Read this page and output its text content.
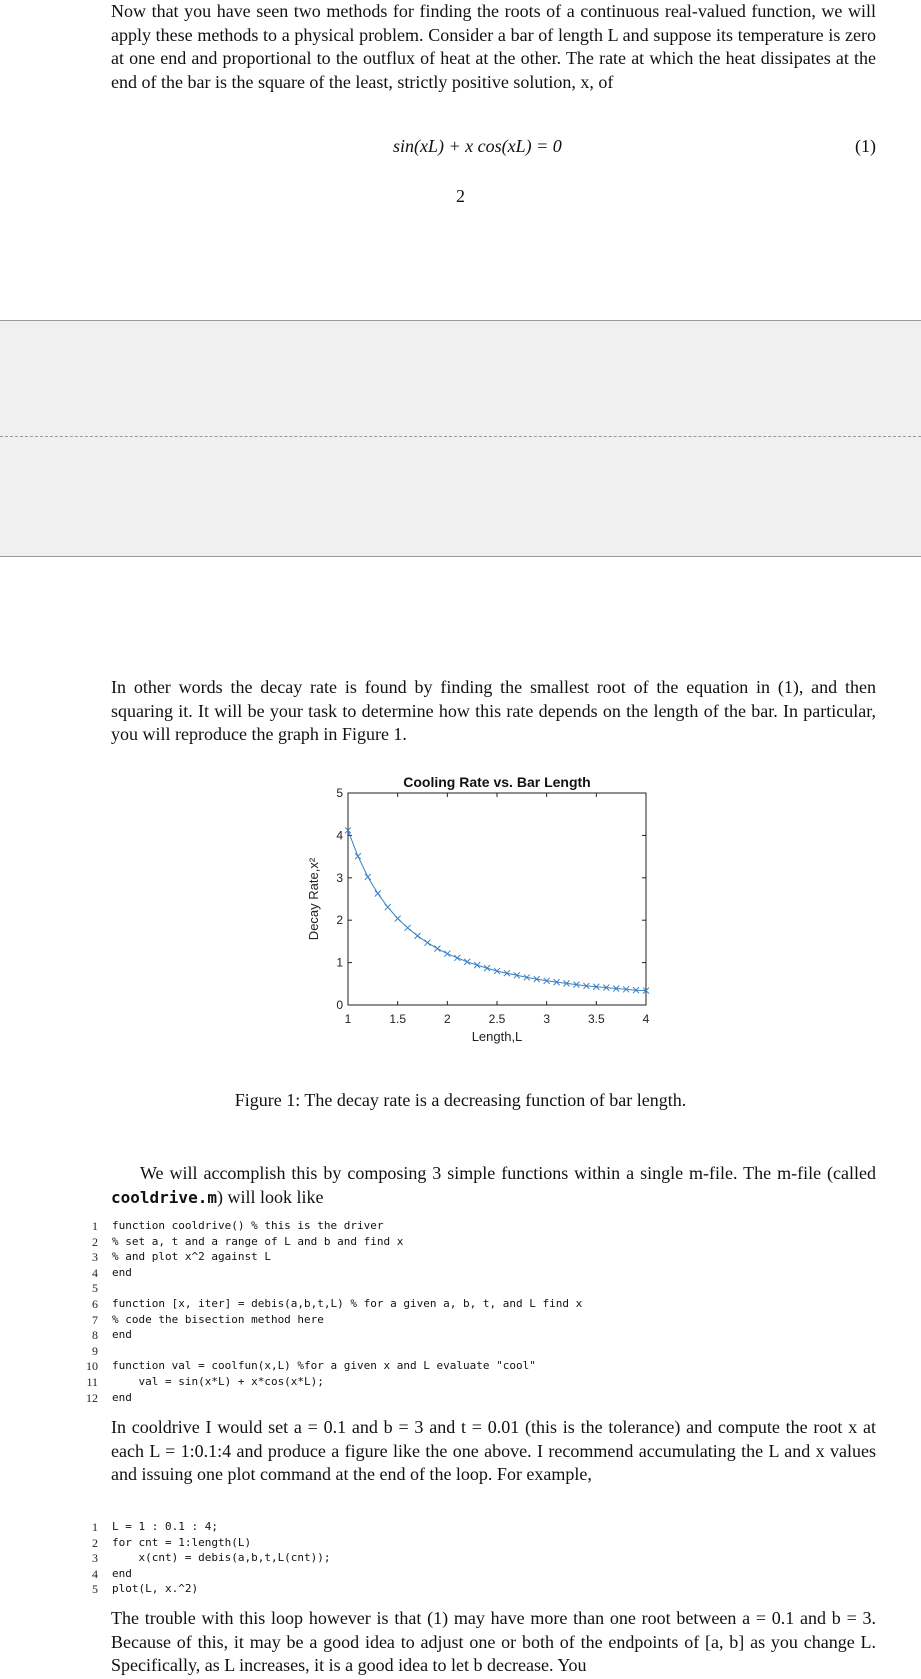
Now that you have seen two methods for finding the roots of a continuous real-valued function, we will apply these methods to a physical problem. Consider a bar of length L and suppose its temperature is zero at one end and proportional to the outflux of heat at the other. The rate at which the heat dissipates at the end of the bar is the square of the least, strictly positive solution, x, of

sin(xL) + x cos(xL) = 0	(1)
2

In other words the decay rate is found by finding the smallest root of the equation in (1), and then squaring it. It will be your task to determine how this rate depends on the length of the bar. In particular, you will reproduce the graph in Figure 1.

Cooling Rate vs. Bar Length
1	1.5	2	2.5	3	3.5	4
0
1
2
3
4
5
Length,L
Decay Rate,x²
Figure 1: The decay rate is a decreasing function of bar length.

We will accomplish this by composing 3 simple functions within a single m-file. The m-file (called cooldrive.m) will look like

1 function cooldrive() % this is the driver
2 % set a, t and a range of L and b and find x
3 % and plot x^2 against L
4 end
5
6 function [x, iter] = debis(a,b,t,L) % for a given a, b, t, and L find x
7 % code the bisection method here
8 end
9
10 function val = coolfun(x,L) %for a given x and L evaluate "cool"
11 val = sin(x*L) + x*cos(x*L);
12 end

In cooldrive I would set a = 0.1 and b = 3 and t = 0.01 (this is the tolerance) and compute the root x at each L = 1:0.1:4 and produce a figure like the one above. I recommend accumulating the L and x values and issuing one plot command at the end of the loop. For example,

1 L = 1 : 0.1 : 4;
2 for cnt = 1:length(L)
3 x(cnt) = debis(a,b,t,L(cnt));
4 end
5 plot(L, x.^2)

The trouble with this loop however is that (1) may have more than one root between a = 0.1 and b = 3. Because of this, it may be a good idea to adjust one or both of the endpoints of [a, b] as you change L. Specifically, as L increases, it is a good idea to let b decrease. You
